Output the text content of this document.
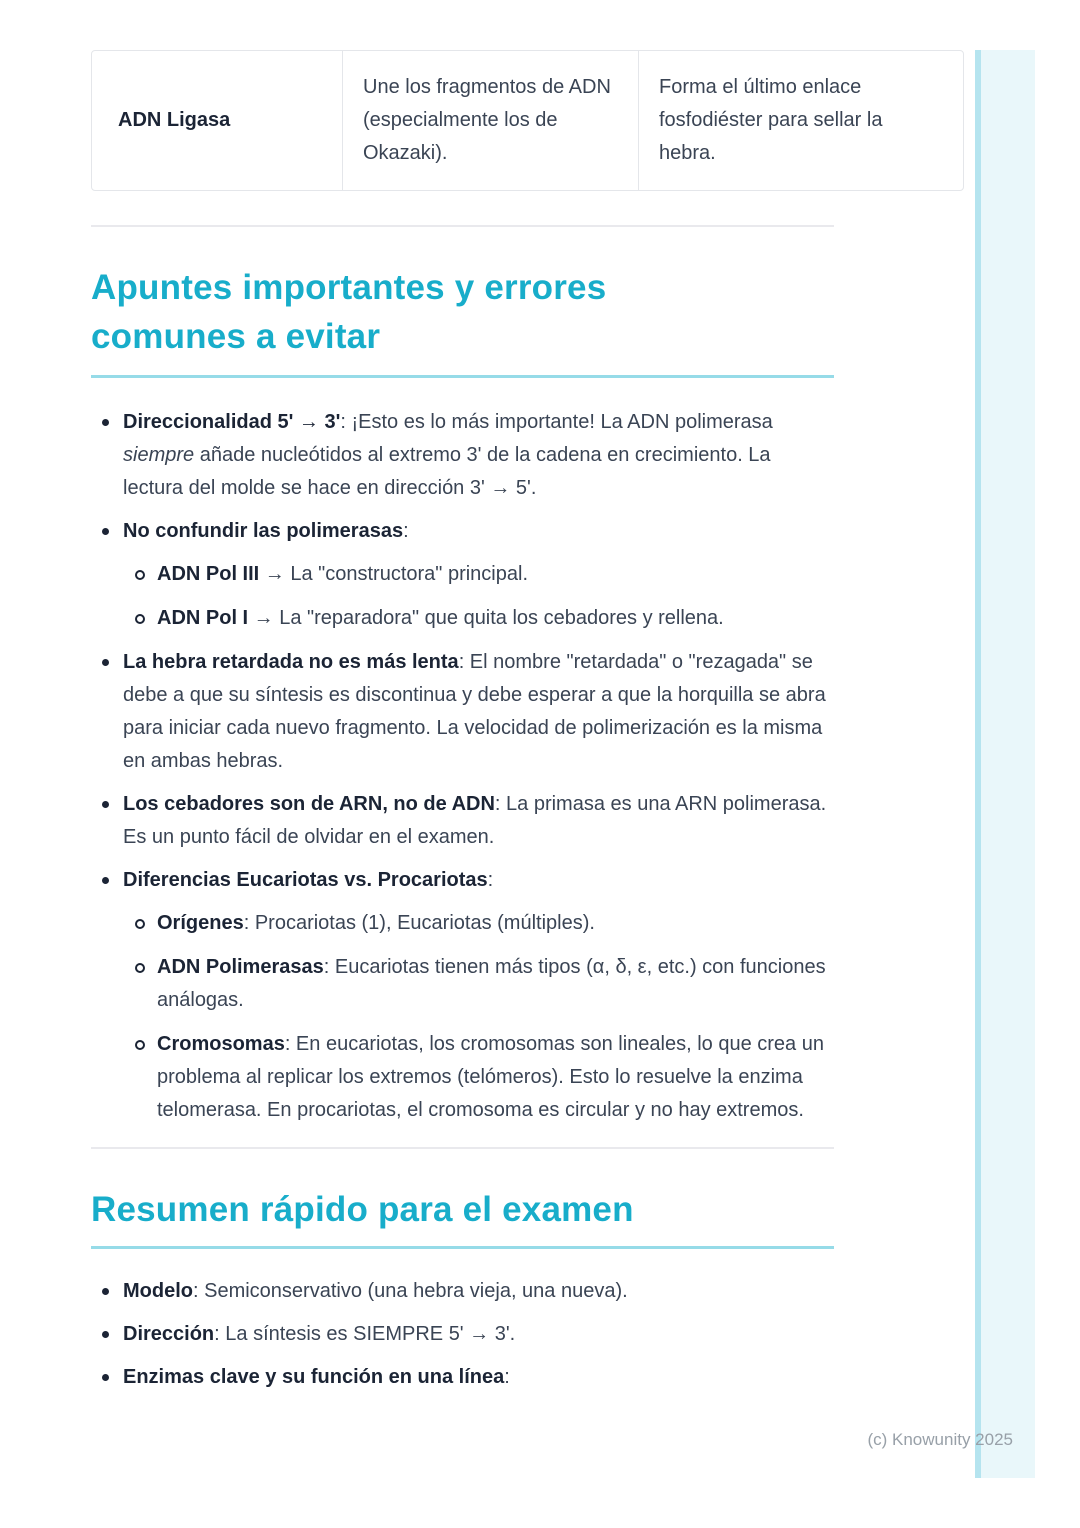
ADN Ligasa	Une los fragmentos de ADN (especialmente los de Okazaki).	Forma el último enlace fosfodiéster para sellar la hebra.
Apuntes importantes y errores
comunes a evitar
Direccionalidad 5' → 3': ¡Esto es lo más importante! La ADN polimerasa siempre añade nucleótidos al extremo 3' de la cadena en crecimiento. La lectura del molde se hace en dirección 3' → 5'.
No confundir las polimerasas:
ADN Pol III → La "constructora" principal.
ADN Pol I → La "reparadora" que quita los cebadores y rellena.
La hebra retardada no es más lenta: El nombre "retardada" o "rezagada" se debe a que su síntesis es discontinua y debe esperar a que la horquilla se abra para iniciar cada nuevo fragmento. La velocidad de polimerización es la misma en ambas hebras.
Los cebadores son de ARN, no de ADN: La primasa es una ARN polimerasa. Es un punto fácil de olvidar en el examen.
Diferencias Eucariotas vs. Procariotas:
Orígenes: Procariotas (1), Eucariotas (múltiples).
ADN Polimerasas: Eucariotas tienen más tipos (α, δ, ε, etc.) con funciones análogas.
Cromosomas: En eucariotas, los cromosomas son lineales, lo que crea un problema al replicar los extremos (telómeros). Esto lo resuelve la enzima telomerasa. En procariotas, el cromosoma es circular y no hay extremos.
Resumen rápido para el examen
Modelo: Semiconservativo (una hebra vieja, una nueva).
Dirección: La síntesis es SIEMPRE 5' → 3'.
Enzimas clave y su función en una línea:
(c) Knowunity 2025
